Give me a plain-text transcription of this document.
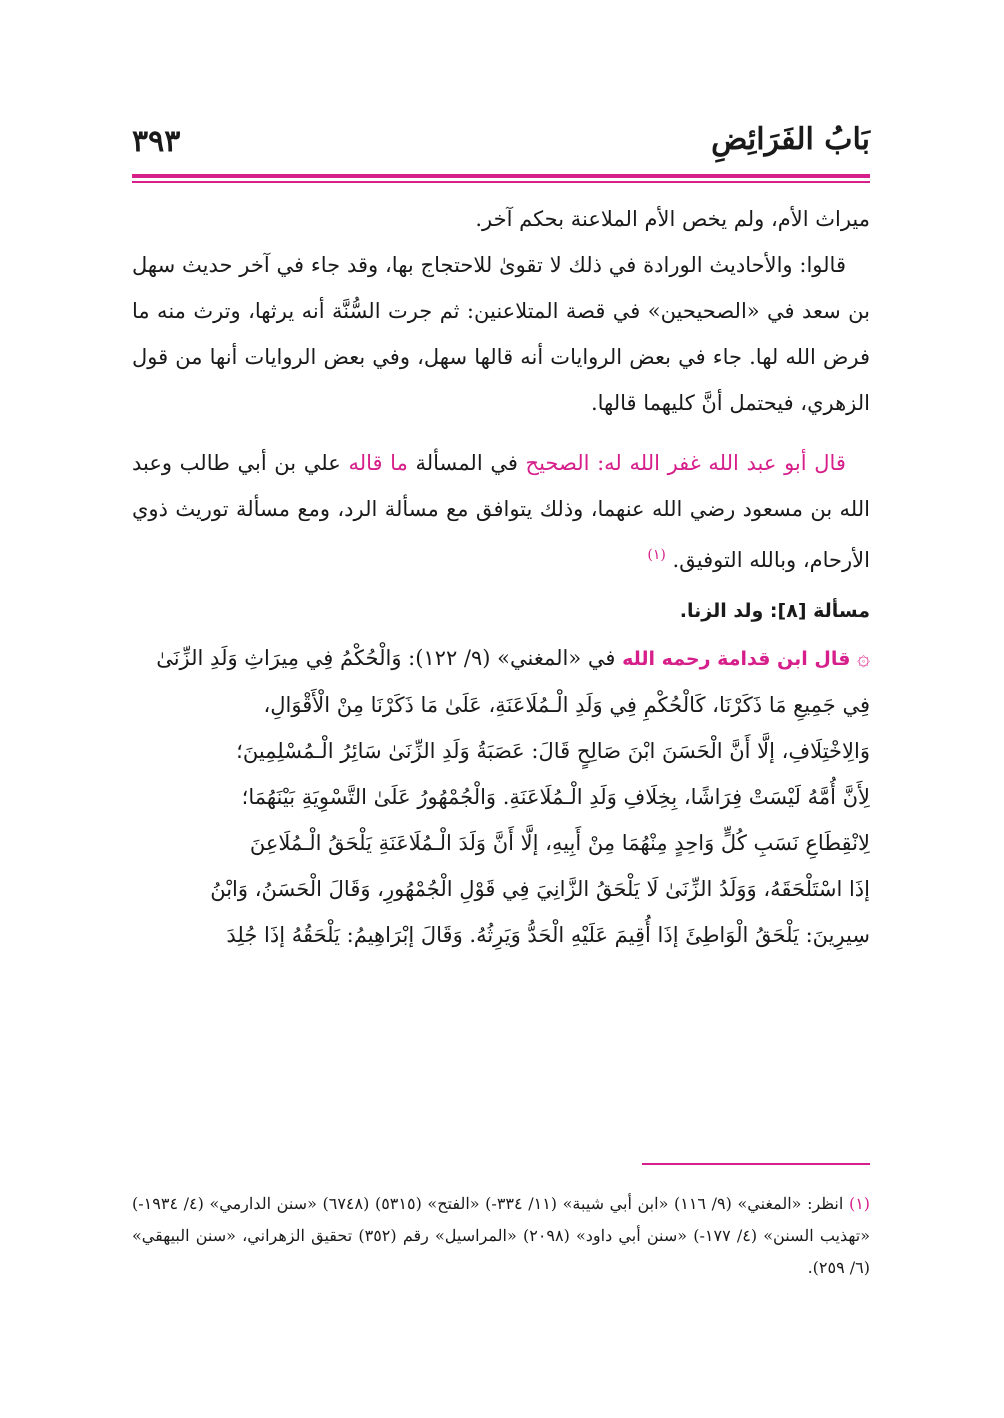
٣٩٣	بَابُ الفَرَائِضِ

ميراث الأم، ولم يخص الأم الملاعنة بحكم آخر.

قالوا: والأحاديث الورادة في ذلك لا تقوىٰ للاحتجاج بها، وقد جاء في آخر حديث سهل بن سعد في «الصحيحين» في قصة المتلاعنين: ثم جرت السُّنَّة أنه يرثها، وترث منه ما فرض الله لها. جاء في بعض الروايات أنه قالها سهل، وفي بعض الروايات أنها من قول الزهري، فيحتمل أنَّ كليهما قالها.

قال أبو عبد الله غفر الله له: الصحيح في المسألة ما قاله علي بن أبي طالب وعبد الله بن مسعود رضي الله عنهما، وذلك يتوافق مع مسألة الرد، ومع مسألة توريث ذوي الأرحام، وبالله التوفيق. $^{(١)}$

مسألة [٨]: ولد الزنا.

۞ قال ابن قدامة رحمه الله في «المغني» (٩/ ١٢٢): وَالْحُكْمُ فِي مِيرَاثِ وَلَدِ الزِّنَىٰ

فِي جَمِيعِ مَا ذَكَرْنَا، كَالْحُكْمِ فِي وَلَدِ الْـمُلَاعَنَةِ، عَلَىٰ مَا ذَكَرْنَا مِنْ الْأَقْوَالِ،

وَالِاخْتِلَافِ، إلَّا أَنَّ الْحَسَنَ ابْنَ صَالِحٍ قَالَ: عَصَبَةُ وَلَدِ الزِّنَىٰ سَائِرُ الْـمُسْلِمِينَ؛

لِأَنَّ أُمَّهُ لَيْسَتْ فِرَاشًا، بِخِلَافِ وَلَدِ الْـمُلَاعَنَةِ. وَالْجُمْهُورُ عَلَىٰ التَّسْوِيَةِ بَيْنَهُمَا؛

لِانْقِطَاعِ نَسَبِ كُلٍّ وَاحِدٍ مِنْهُمَا مِنْ أَبِيهِ، إلَّا أَنَّ وَلَدَ الْـمُلَاعَنَةِ يَلْحَقُ الْـمُلَاعِنَ

إذَا اسْتَلْحَقَهُ، وَوَلَدُ الزِّنَىٰ لَا يَلْحَقُ الزَّانِيَ فِي قَوْلِ الْجُمْهُورِ، وَقَالَ الْحَسَنُ، وَابْنُ

سِيرِينَ: يَلْحَقُ الْوَاطِئَ إذَا أُقِيمَ عَلَيْهِ الْحَدُّ وَيَرِثُهُ. وَقَالَ إبْرَاهِيمُ: يَلْحَقُهُ إذَا جُلِدَ

(١) انظر: «المغني» (٩/ ١١٦) «ابن أبي شيبة» (١١/ ٣٣٤-) «الفتح» (٥٣١٥) (٦٧٤٨) «سنن الدارمي» (٤/ ١٩٣٤-) «تهذيب السنن» (٤/ ١٧٧-) «سنن أبي داود» (٢٠٩٨) «المراسيل» رقم (٣٥٢) تحقيق الزهراني، «سنن البيهقي» (٦/ ٢٥٩).
